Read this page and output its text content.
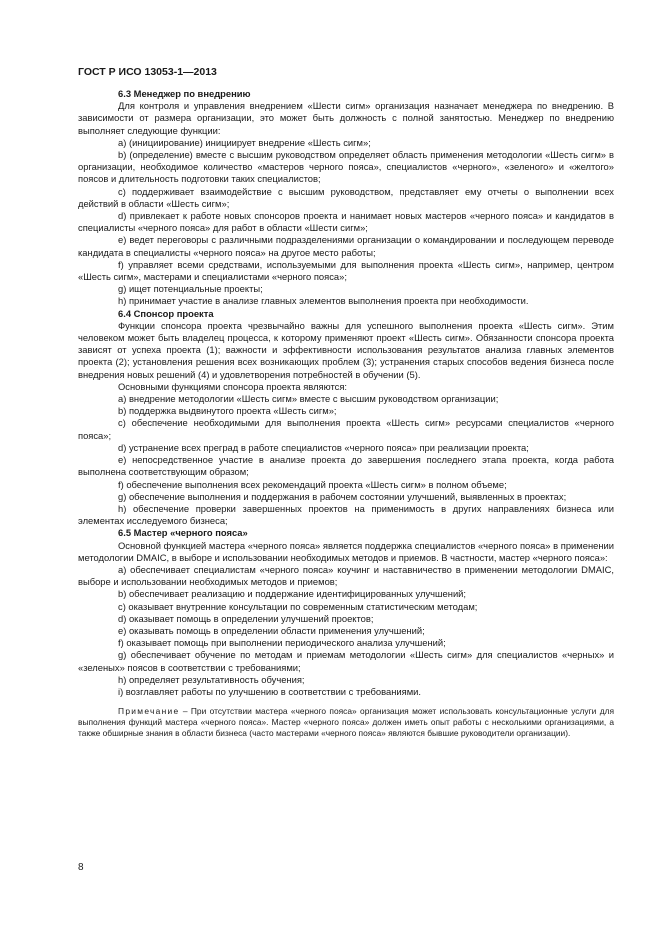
ГОСТ Р ИСО 13053-1—2013

6.3 Менеджер по внедрению

Для контроля и управления внедрением «Шести сигм» организация назначает менеджера по внедрению. В зависимости от размера организации, это может быть должность с полной занятостью. Менеджер по внедрению выполняет следующие функции:

a) (инициирование) инициирует внедрение «Шесть сигм»;

b) (определение) вместе с высшим руководством определяет область применения методологии «Шесть сигм» в организации, необходимое количество «мастеров черного пояса», специалистов «черного», «зеленого» и «желтого» поясов и длительность подготовки таких специалистов;

c) поддерживает взаимодействие с высшим руководством, представляет ему отчеты о выполнении всех действий в области «Шесть сигм»;

d) привлекает к работе новых спонсоров проекта и нанимает новых мастеров «черного пояса» и кандидатов в специалисты «черного пояса» для работ в области «Шести сигм»;

e) ведет переговоры с различными подразделениями организации о командировании и последующем переводе кандидата в специалисты «черного пояса» на другое место работы;

f) управляет всеми средствами, используемыми для выполнения проекта «Шесть сигм», например, центром «Шесть сигм», мастерами и специалистами «черного пояса»;

g) ищет потенциальные проекты;

h) принимает участие в анализе главных элементов выполнения проекта при необходимости.

6.4 Спонсор проекта

Функции спонсора проекта чрезвычайно важны для успешного выполнения проекта «Шесть сигм». Этим человеком может быть владелец процесса, к которому применяют проект «Шесть сигм». Обязанности спонсора проекта зависят от успеха проекта (1); важности и эффективности использования результатов анализа главных элементов проекта (2); установления решения всех возникающих проблем (3); устранения старых способов ведения бизнеса после внедрения новых решений (4) и удовлетворения потребностей в обучении (5).

Основными функциями спонсора проекта являются:

a) внедрение методологии «Шесть сигм» вместе с высшим руководством организации;

b) поддержка выдвинутого проекта «Шесть сигм»;

c) обеспечение необходимыми для выполнения проекта «Шесть сигм» ресурсами специалистов «черного пояса»;

d) устранение всех преград в работе специалистов «черного пояса» при реализации проекта;

e) непосредственное участие в анализе проекта до завершения последнего этапа проекта, когда работа выполнена соответствующим образом;

f) обеспечение выполнения всех рекомендаций проекта «Шесть сигм» в полном объеме;

g) обеспечение выполнения и поддержания в рабочем состоянии улучшений, выявленных в проектах;

h) обеспечение проверки завершенных проектов на применимость в других направлениях бизнеса или элементах исследуемого бизнеса;

6.5 Мастер «черного пояса»

Основной функцией мастера «черного пояса» является поддержка специалистов «черного пояса» в применении методологии DMAIC, в выборе и использовании необходимых методов и приемов. В частности, мастер «черного пояса»:

a) обеспечивает специалистам «черного пояса» коучинг и наставничество в применении методологии DMAIC, выборе и использовании необходимых методов и приемов;

b) обеспечивает реализацию и поддержание идентифицированных улучшений;

c) оказывает внутренние консультации по современным статистическим методам;

d) оказывает помощь в определении улучшений проектов;

e) оказывать помощь в определении области применения улучшений;

f) оказывает помощь при выполнении периодического анализа улучшений;

g) обеспечивает обучение по методам и приемам методологии «Шесть сигм» для специалистов «черных» и «зеленых» поясов в соответствии с требованиями;

h) определяет результативность обучения;

i) возглавляет работы по улучшению в соответствии с требованиями.

Примечание – При отсутствии мастера «черного пояса» организация может использовать консультационные услуги для выполнения функций мастера «черного пояса». Мастер «черного пояса» должен иметь опыт работы с несколькими организациями, а также обширные знания в области бизнеса (часто мастерами «черного пояса» являются бывшие руководители организации).

8
